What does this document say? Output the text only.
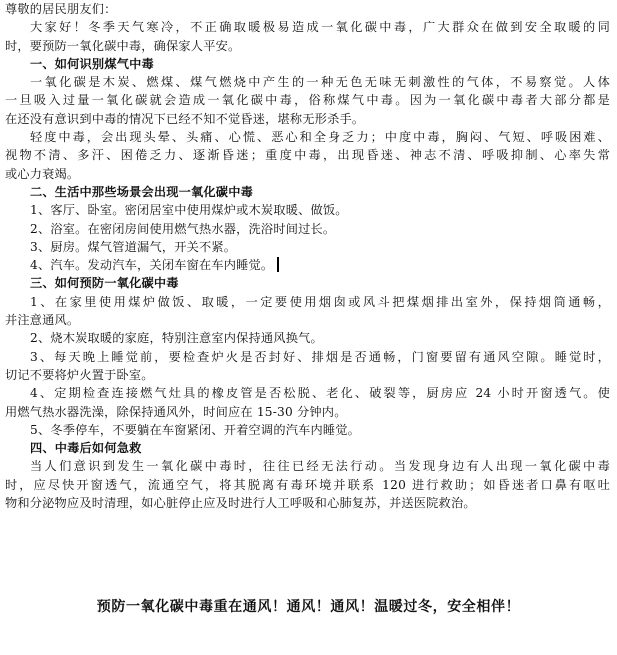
尊敬的居民朋友们：
大家好！冬季天气寒冷，不正确取暖极易造成一氧化碳中毒，广大群众在做到安全取暖的同
时，要预防一氧化碳中毒，确保家人平安。
一、如何识别煤气中毒
一氧化碳是木炭、燃煤、煤气燃烧中产生的一种无色无味无刺激性的气体，不易察觉。人体
一旦吸入过量一氧化碳就会造成一氧化碳中毒，俗称煤气中毒。因为一氧化碳中毒者大部分都是
在还没有意识到中毒的情况下已经不知不觉昏迷，堪称无形杀手。
轻度中毒，会出现头晕、头痛、心慌、恶心和全身乏力；中度中毒，胸闷、气短、呼吸困难、
视物不清、多汗、困倦乏力、逐渐昏迷；重度中毒，出现昏迷、神志不清、呼吸抑制、心率失常
或心力衰竭。
二、生活中那些场景会出现一氧化碳中毒
1、客厅、卧室。密闭居室中使用煤炉或木炭取暖、做饭。
2、浴室。在密闭房间使用燃气热水器，洗浴时间过长。
3、厨房。煤气管道漏气，开关不紧。
4、汽车。发动汽车，关闭车窗在车内睡觉。
三、如何预防一氧化碳中毒
1、在家里使用煤炉做饭、取暖，一定要使用烟囱或风斗把煤烟排出室外，保持烟筒通畅，
并注意通风。
2、烧木炭取暖的家庭，特别注意室内保持通风换气。
3、每天晚上睡觉前，要检查炉火是否封好、排烟是否通畅，门窗要留有通风空隙。睡觉时，
切记不要将炉火置于卧室。
4、定期检查连接燃气灶具的橡皮管是否松脱、老化、破裂等，厨房应 24 小时开窗透气。使
用燃气热水器洗澡，除保持通风外，时间应在 15-30 分钟内。
5、冬季停车，不要躺在车窗紧闭、开着空调的汽车内睡觉。
四、中毒后如何急救
当人们意识到发生一氧化碳中毒时，往往已经无法行动。当发现身边有人出现一氧化碳中毒
时，应尽快开窗透气，流通空气，将其脱离有毒环境并联系 120 进行救助；如昏迷者口鼻有呕吐
物和分泌物应及时清理，如心脏停止应及时进行人工呼吸和心肺复苏，并送医院救治。
预防一氧化碳中毒重在通风！通风！通风！温暖过冬，安全相伴！
